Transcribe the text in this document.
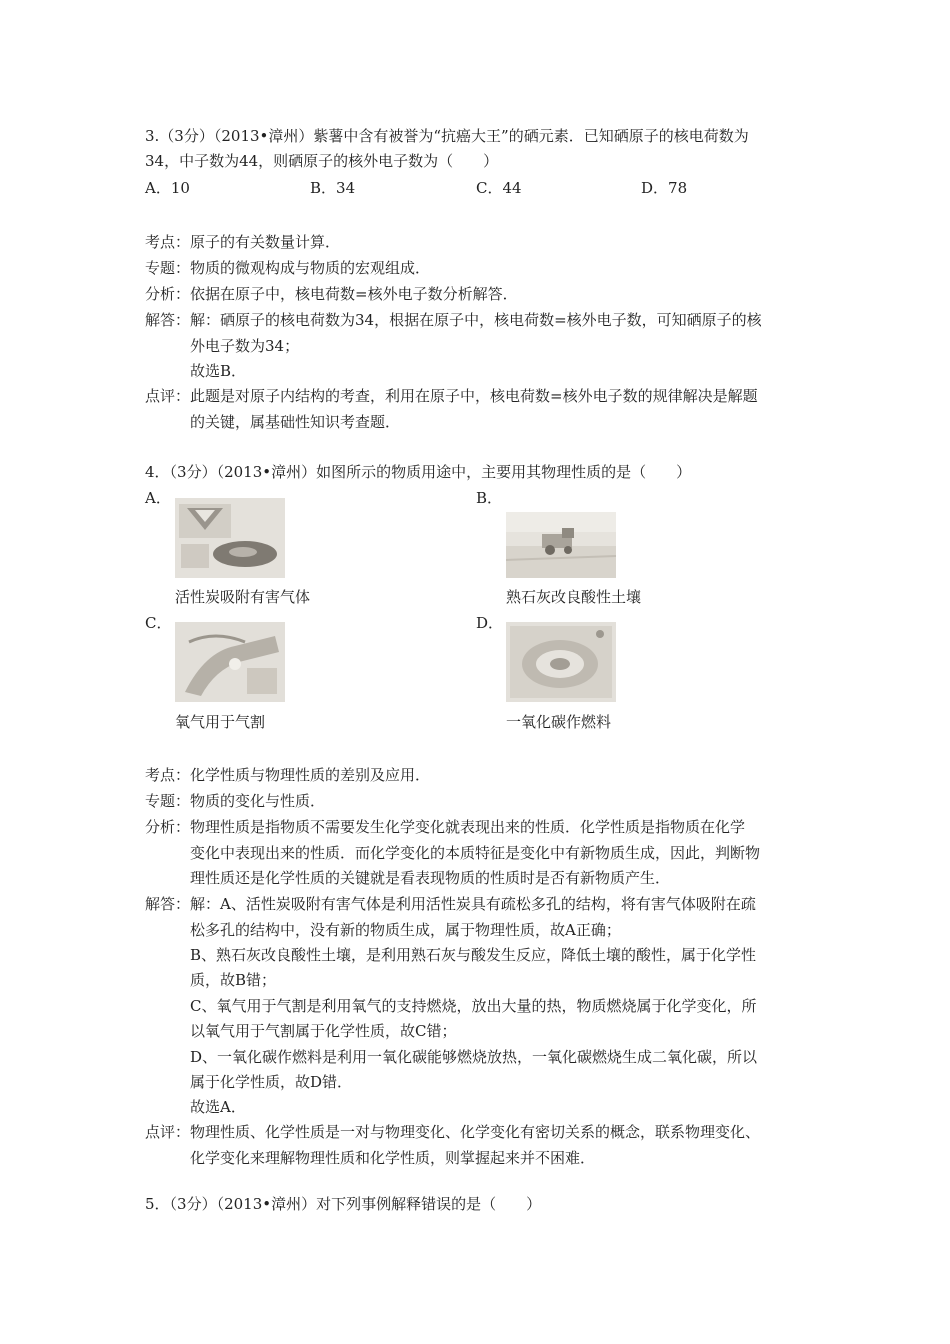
3.（3分）（2013•漳州）紫薯中含有被誉为“抗癌大王”的硒元素．已知硒原子的核电荷数为
34，中子数为44，则硒原子的核外电子数为（　　）
A．10	B．34	C．44	D．78
考点： 原子的有关数量计算．
专题： 物质的微观构成与物质的宏观组成．
分析： 依据在原子中，核电荷数=核外电子数分析解答．
解答： 解：硒原子的核电荷数为34，根据在原子中，核电荷数=核外电子数，可知硒原子的核
外电子数为34；
故选B．
点评： 此题是对原子内结构的考查，利用在原子中，核电荷数=核外电子数的规律解决是解题
的关键，属基础性知识考查题．
4．（3分）（2013•漳州）如图所示的物质用途中，主要用其物理性质的是（　　）
A．
活性炭吸附有害气体
B．
熟石灰改良酸性土壤
C．
氧气用于气割
D．
一氧化碳作燃料
考点： 化学性质与物理性质的差别及应用．
专题： 物质的变化与性质．
分析： 物理性质是指物质不需要发生化学变化就表现出来的性质．化学性质是指物质在化学
变化中表现出来的性质．而化学变化的本质特征是变化中有新物质生成，因此，判断物
理性质还是化学性质的关键就是看表现物质的性质时是否有新物质产生．
解答： 解：A、活性炭吸附有害气体是利用活性炭具有疏松多孔的结构，将有害气体吸附在疏
松多孔的结构中，没有新的物质生成，属于物理性质，故A正确；
B、熟石灰改良酸性土壤，是利用熟石灰与酸发生反应，降低土壤的酸性，属于化学性
质，故B错；
C、氧气用于气割是利用氧气的支持燃烧，放出大量的热，物质燃烧属于化学变化，所
以氧气用于气割属于化学性质，故C错；
D、一氧化碳作燃料是利用一氧化碳能够燃烧放热，一氧化碳燃烧生成二氧化碳，所以
属于化学性质，故D错．
故选A．
点评： 物理性质、化学性质是一对与物理变化、化学变化有密切关系的概念，联系物理变化、
化学变化来理解物理性质和化学性质，则掌握起来并不困难．
5．（3分）（2013•漳州）对下列事例解释错误的是（　　）
